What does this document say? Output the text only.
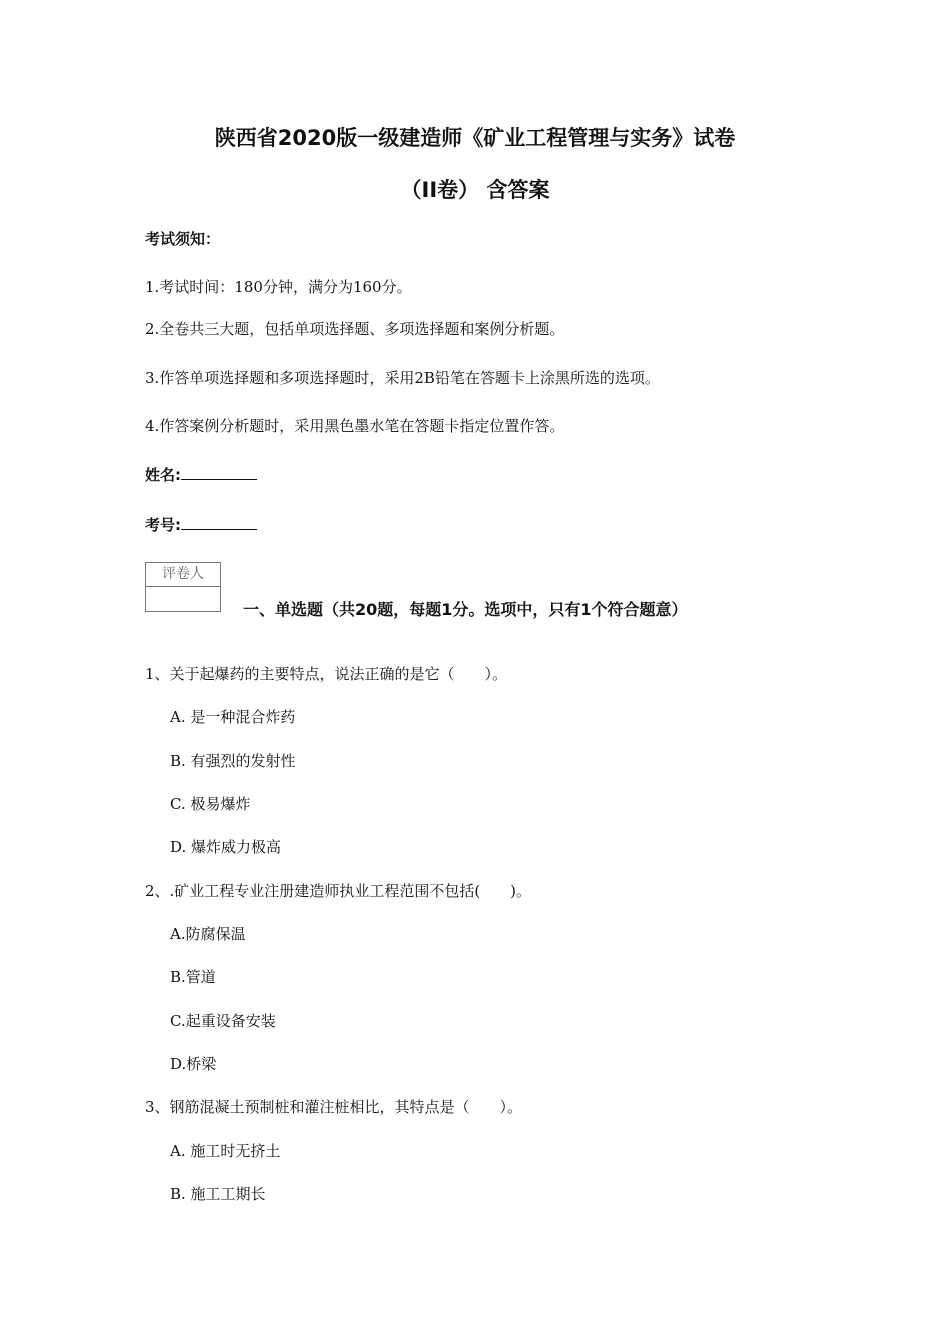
陕西省2020版一级建造师《矿业工程管理与实务》试卷
（II卷） 含答案
考试须知：
1.考试时间：180分钟，满分为160分。
2.全卷共三大题，包括单项选择题、多项选择题和案例分析题。
3.作答单项选择题和多项选择题时，采用2B铅笔在答题卡上涂黑所选的选项。
4.作答案例分析题时，采用黑色墨水笔在答题卡指定位置作答。
姓名:
考号:
评卷人
一、单选题（共20题，每题1分。选项中，只有1个符合题意）
1、关于起爆药的主要特点，说法正确的是它（　　）。
A. 是一种混合炸药
B. 有强烈的发射性
C. 极易爆炸
D. 爆炸威力极高
2、.矿业工程专业注册建造师执业工程范围不包括(　　)。
A.防腐保温
B.管道
C.起重设备安装
D.桥梁
3、钢筋混凝土预制桩和灌注桩相比，其特点是（　　）。
A. 施工时无挤土
B. 施工工期长
